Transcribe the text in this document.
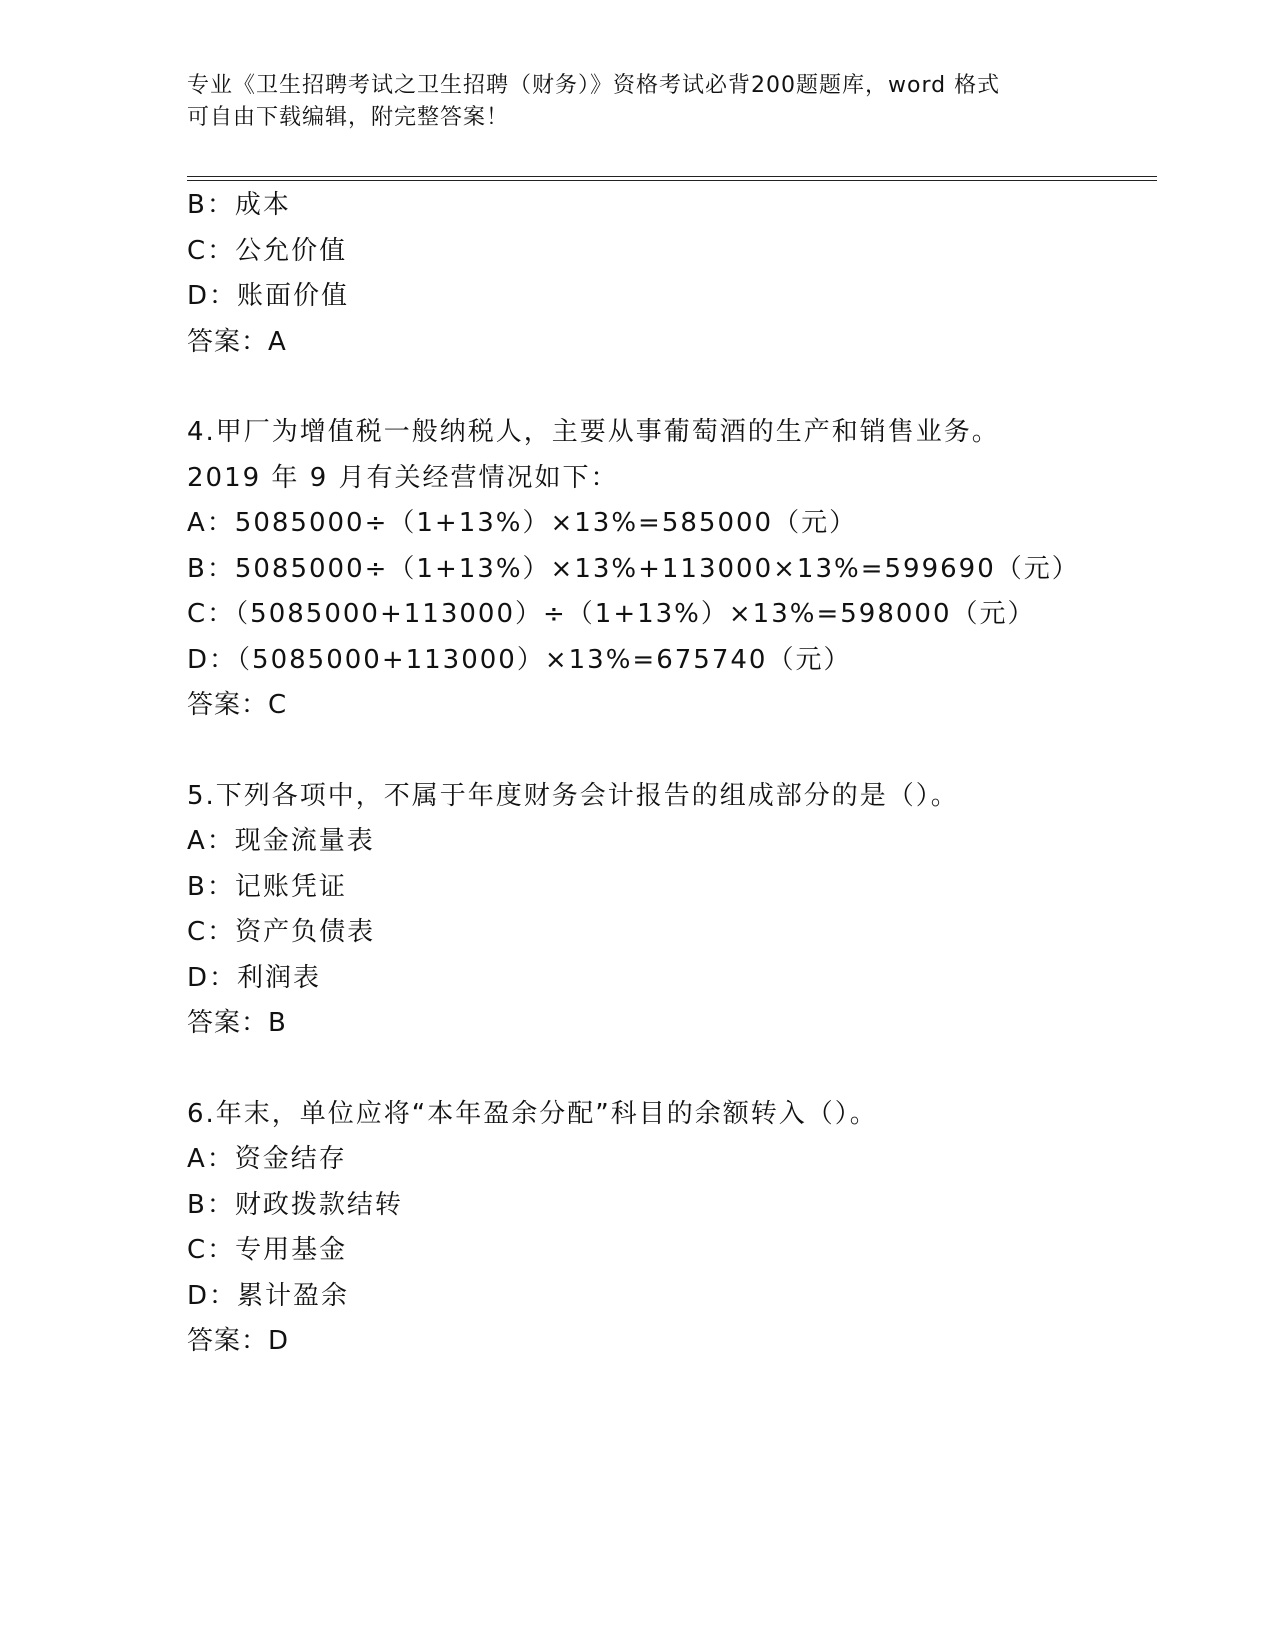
专业《卫生招聘考试之卫生招聘（财务）》资格考试必背200题题库，word 格式
可自由下载编辑，附完整答案！
B：成本
C：公允价值
D：账面价值
答案：A
4.甲厂为增值税一般纳税人，主要从事葡萄酒的生产和销售业务。
2019 年 9 月有关经营情况如下：
A：5085000÷（1+13%）×13%=585000（元）
B：5085000÷（1+13%）×13%+113000×13%=599690（元）
C：（5085000+113000）÷（1+13%）×13%=598000（元）
D：（5085000+113000）×13%=675740（元）
答案：C
5.下列各项中，不属于年度财务会计报告的组成部分的是（）。
A：现金流量表
B：记账凭证
C：资产负债表
D：利润表
答案：B
6.年末，单位应将“本年盈余分配”科目的余额转入（）。
A：资金结存
B：财政拨款结转
C：专用基金
D：累计盈余
答案：D
